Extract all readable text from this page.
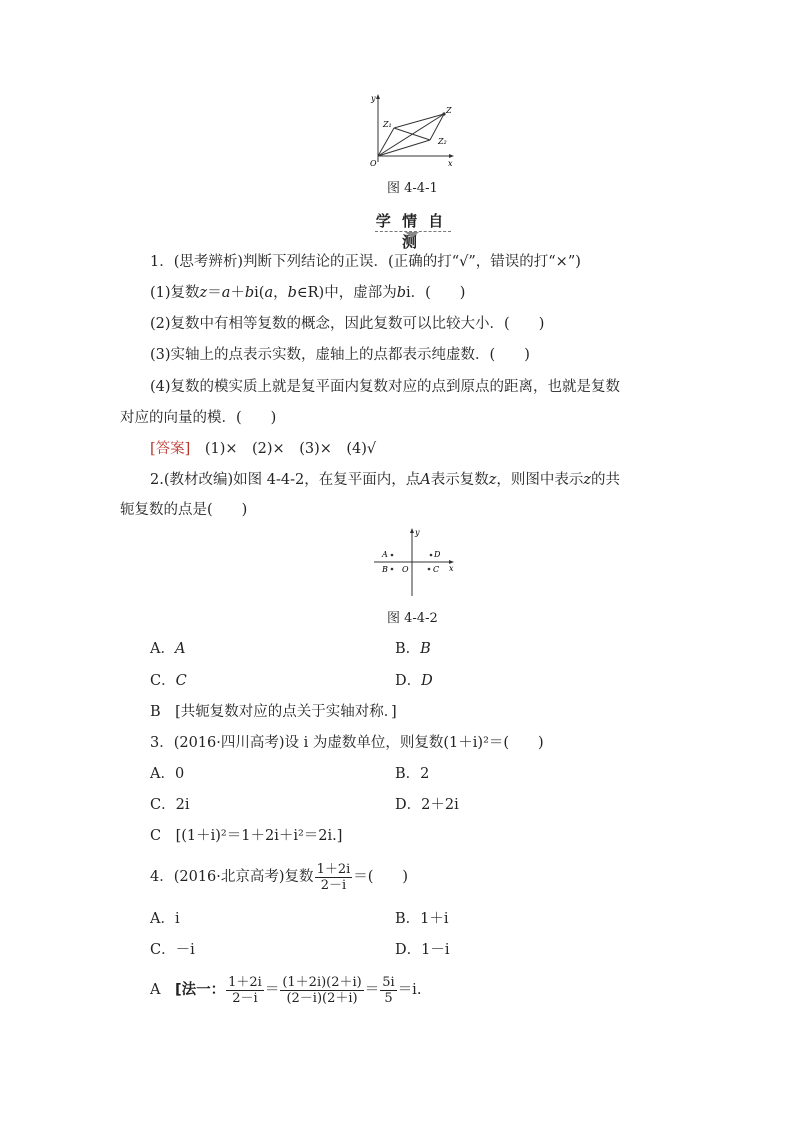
y
x
O
Z
Z₁
Z₂
图 4-4-1
学 情 自 测
1．(思考辨析)判断下列结论的正误．(正确的打“√”，错误的打“×”)
(1)复数z＝a＋bi(a，b∈R)中，虚部为bi．(　　)
(2)复数中有相等复数的概念，因此复数可以比较大小．(　　)
(3)实轴上的点表示实数，虚轴上的点都表示纯虚数．(　　)
(4)复数的模实质上就是复平面内复数对应的点到原点的距离，也就是复数
对应的向量的模．(　　)
[答案]　(1)×　(2)×　(3)×　(4)√
2.(教材改编)如图 4-4-2，在复平面内，点A表示复数z，则图中表示z的共
轭复数的点是(　　)
y
x
O
A
B
D
C
图 4-4-2
A．A	B．B
C．C	D．D
B　[共轭复数对应的点关于实轴对称．]
3．(2016·四川高考)设 i 为虚数单位，则复数(1＋i)²＝(　　)
A．0	B．2
C．2i	D．2＋2i
C　[(1＋i)²＝1＋2i＋i²＝2i.]
4．(2016·北京高考)复数 $\frac{1+2i}{2-i}$ ＝(　　)
A．i	B．1＋i
C．－i	D．1－i
A　 [法一： $\frac{1+2i}{2-i} = \frac{(1+2i)(2+i)}{(2-i)(2+i)} = \frac{5i}{5} =i$.
